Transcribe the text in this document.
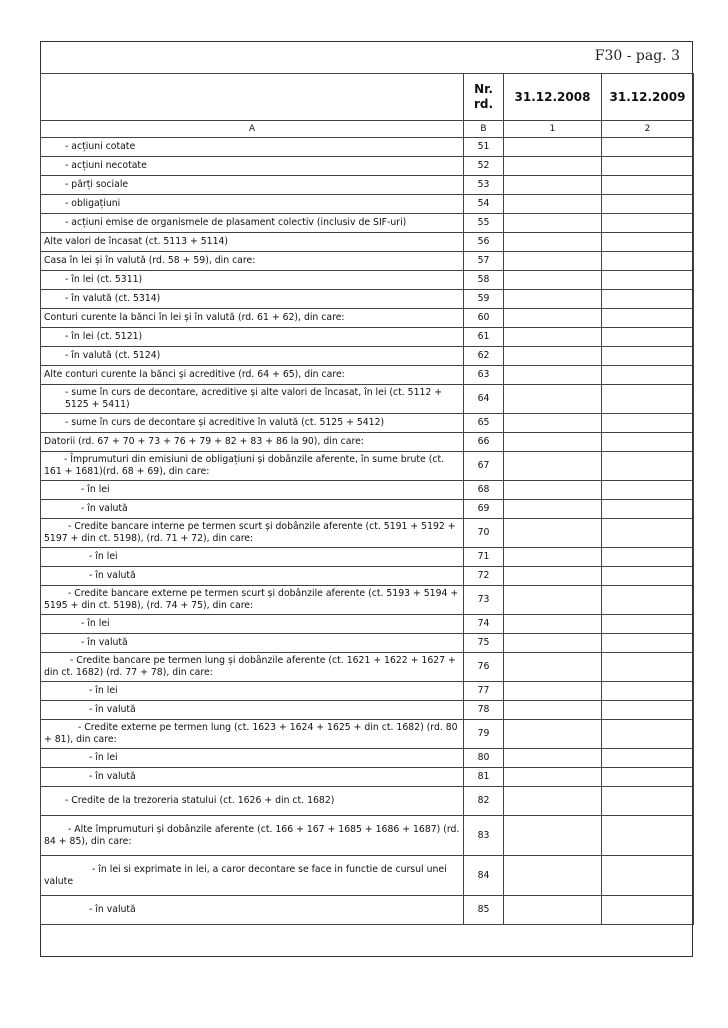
F30 - pag. 3
	Nr.
rd.	31.12.2008	31.12.2009
A	B	1	2
- acțiuni cotate	51		
- acțiuni necotate	52		
- părți sociale	53		
- obligațiuni	54		
- acțiuni emise de organismele de plasament colectiv (inclusiv de SIF-uri)	55		
Alte valori de încasat (ct. 5113 + 5114)	56		
Casa în lei și în valută (rd. 58 + 59), din care:	57		
- în lei (ct. 5311)	58		
- în valută (ct. 5314)	59		
Conturi curente la bănci în lei și în valută (rd. 61 + 62), din care:	60		
- în lei (ct. 5121)	61		
- în valută (ct. 5124)	62		
Alte conturi curente la bănci și acreditive (rd. 64 + 65), din care:	63		
- sume în curs de decontare, acreditive și alte valori de încasat, în lei (ct. 5112 + 5125 + 5411)	64		
- sume în curs de decontare și acreditive în valută (ct. 5125 + 5412)	65		
Datorii (rd. 67 + 70 + 73 + 76 + 79 + 82 + 83 + 86 la 90), din care:	66		
- Împrumuturi din emisiuni de obligațiuni și dobânzile aferente, în sume brute (ct. 161 + 1681)(rd. 68 + 69), din care:	67		
- în lei	68		
- în valută	69		
- Credite bancare interne pe termen scurt și dobânzile aferente (ct. 5191 + 5192 + 5197 + din ct. 5198), (rd. 71 + 72), din care:	70		
- în lei	71		
- în valută	72		
- Credite bancare externe pe termen scurt și dobânzile aferente (ct. 5193 + 5194 + 5195 + din ct. 5198), (rd. 74 + 75), din care:	73		
- în lei	74		
- în valută	75		
- Credite bancare pe termen lung și dobânzile aferente (ct. 1621 + 1622 + 1627 + din ct. 1682) (rd. 77 + 78), din care:	76		
- în lei	77		
- în valută	78		
- Credite externe pe termen lung (ct. 1623 + 1624 + 1625 + din ct. 1682) (rd. 80 + 81), din care:	79		
- în lei	80		
- în valută	81		
- Credite de la trezoreria statului (ct. 1626 + din ct. 1682)	82		
- Alte împrumuturi și dobânzile aferente (ct. 166 + 167 + 1685 + 1686 + 1687) (rd. 84 + 85), din care:	83		
- în lei si exprimate in lei, a caror decontare se face in functie de cursul unei valute	84		
- în valută	85		
